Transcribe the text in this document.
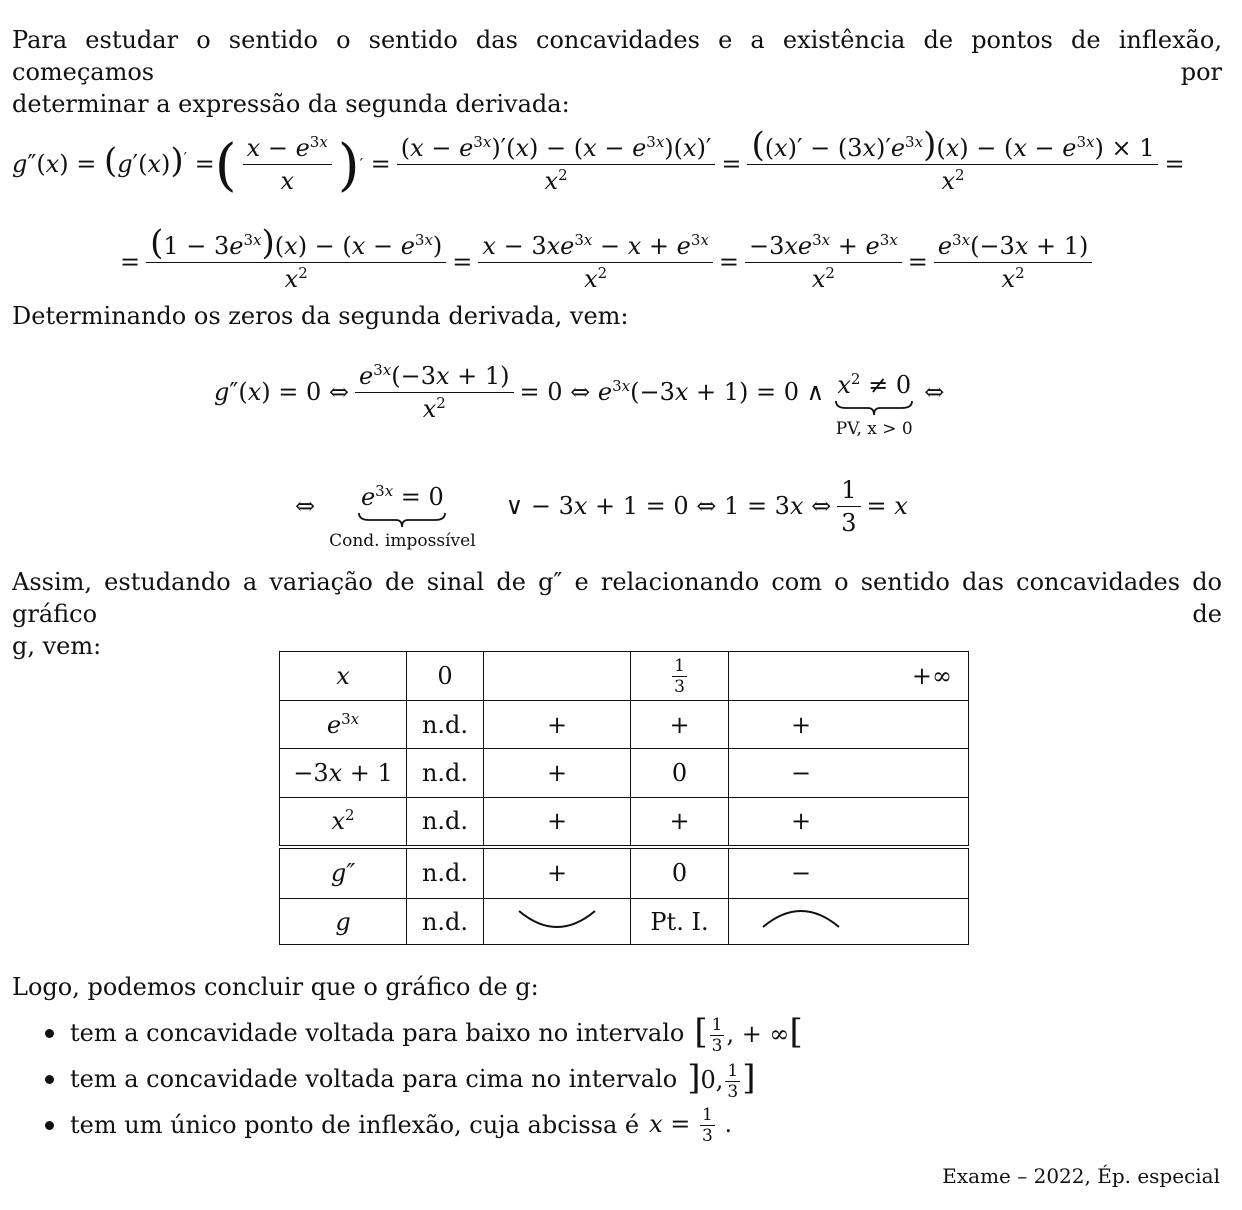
Para estudar o sentido o sentido das concavidades e a existência de pontos de inflexão, começamos por
determinar a expressão da segunda derivada:
g″(x) = (g′(x))′ = ( $\frac{x - e^{3x}}{x}$ ) ′ = $\frac{(x - e^{3x})'(x) - (x - e^{3x})(x)'}{x^2} = \frac{((x)' - (3x)'e^{3x})(x) - (x - e^{3x}) \times 1}{x^2}$ =
= $\frac{(1 - 3e^{3x})(x) - (x - e^{3x})}{x^2} = \frac{x - 3xe^{3x} - x + e^{3x}}{x^2} = \frac{-3xe^{3x} + e^{3x}}{x^2} = \frac{e^{3x}(-3x + 1)}{x^2}$
Determinando os zeros da segunda derivada, vem:
g″(x) = 0 ⇔ $\frac{e^{3x}(-3x + 1)}{x^2} = 0$ ⇔ $e^{3x}(-3x + 1) = 0$ ∧ $x^2 \ne 0$
PV, x > 0
⇔
⇔ $e^{3x} = 0$
Cond. impossível
∨ − 3x + 1 = 0 ⇔ 1 = 3x ⇔ $\frac{1}{3} = x$
Assim, estudando a variação de sinal de g″ e relacionando com o sentido das concavidades do gráfico de
g, vem:
x	0		$\frac{1}{3}$	+∞
$e^{3x}$	n.d.	+	+	+
−3x + 1	n.d.	+	0	−
$x^2$	n.d.	+	+	+
g″	n.d.	+	0	−
g	n.d.		Pt. I.	
Logo, podemos concluir que o gráfico de g:
tem a concavidade voltada para baixo no intervalo [ $\frac{1}{3}$ , + ∞[
tem a concavidade voltada para cima no intervalo ]0, $\frac{1}{3}$ ]
tem um único ponto de inflexão, cuja abcissa é $x = \frac{1}{3}$ .
Exame – 2022, Ép. especial
